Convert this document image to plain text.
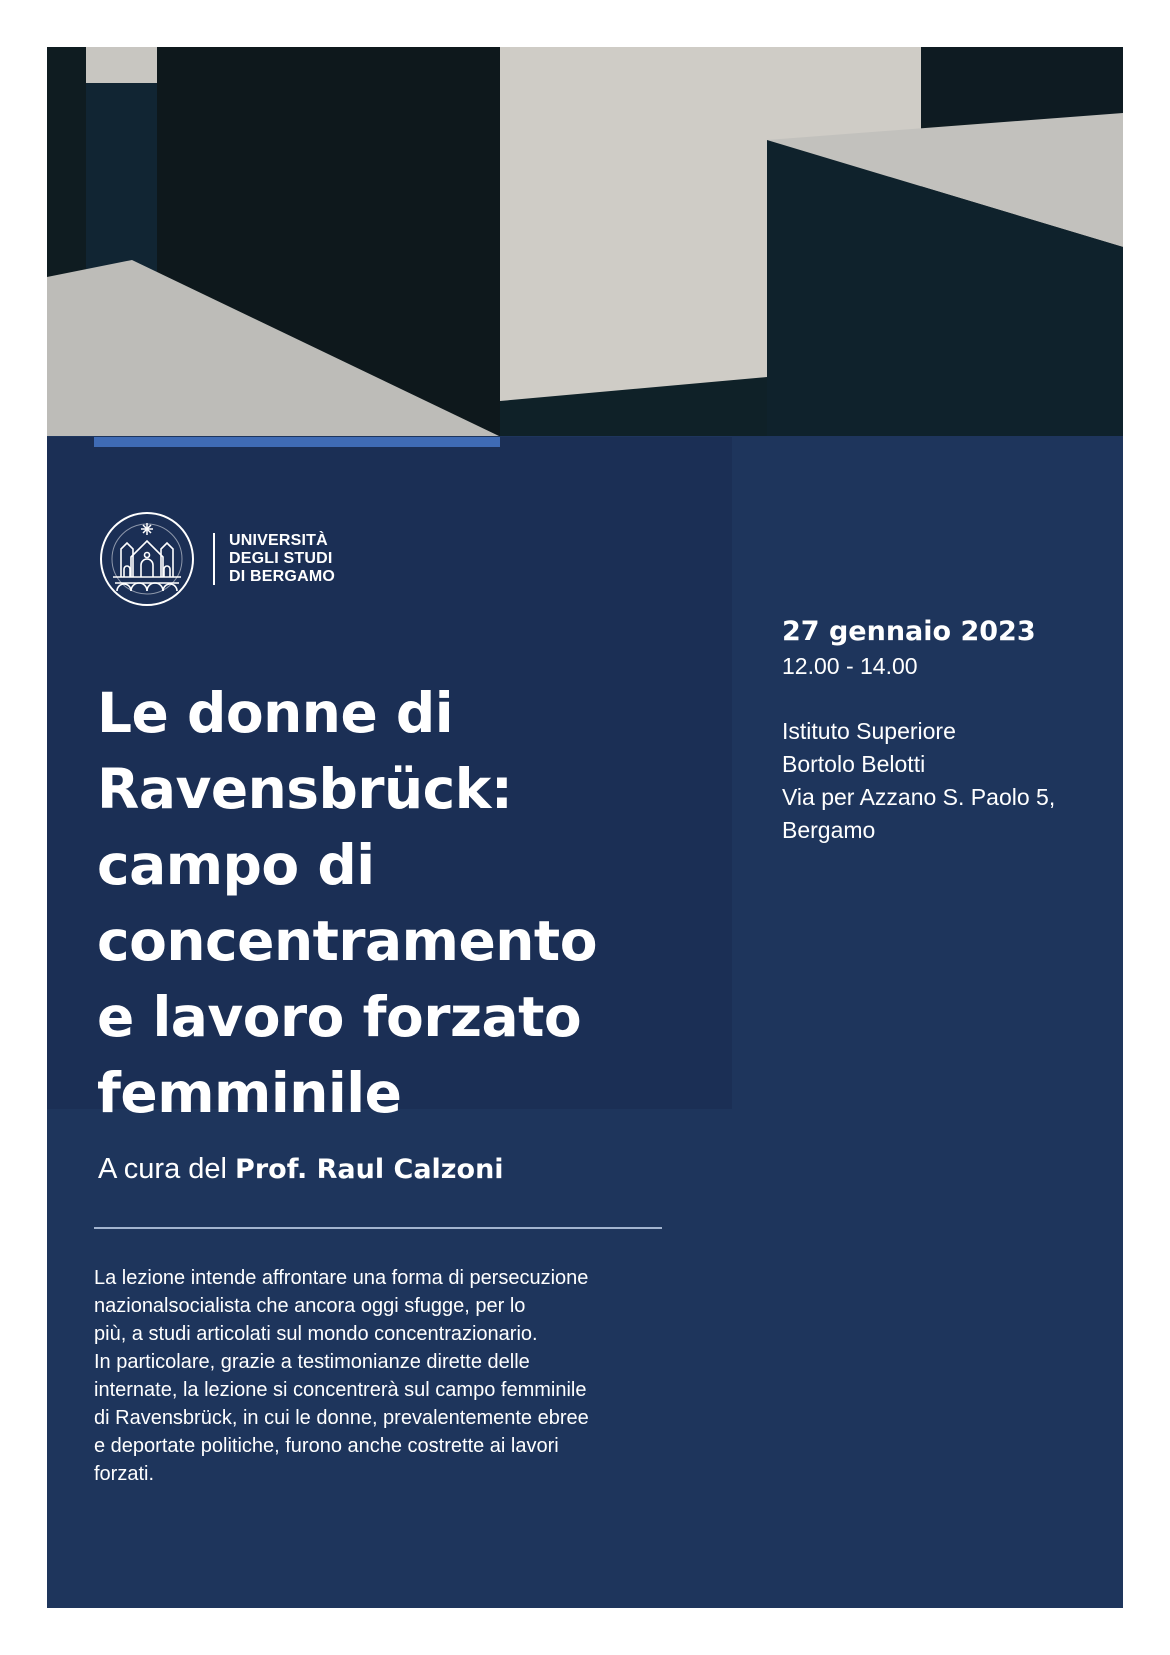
UNIVERSITÀ
DEGLI STUDI
DI BERGAMO
Le donne di
Ravensbrück:
campo di
concentramento
e lavoro forzato
femminile
A cura del Prof. Raul Calzoni
La lezione intende affrontare una forma di persecuzione
nazionalsocialista che ancora oggi sfugge, per lo
più, a studi articolati sul mondo concentrazionario.
In particolare, grazie a testimonianze dirette delle
internate, la lezione si concentrerà sul campo femminile
di Ravensbrück, in cui le donne, prevalentemente ebree
e deportate politiche, furono anche costrette ai lavori
forzati.
27 gennaio 2023
12.00 - 14.00
Istituto Superiore
Bortolo Belotti
Via per Azzano S. Paolo 5,
Bergamo
